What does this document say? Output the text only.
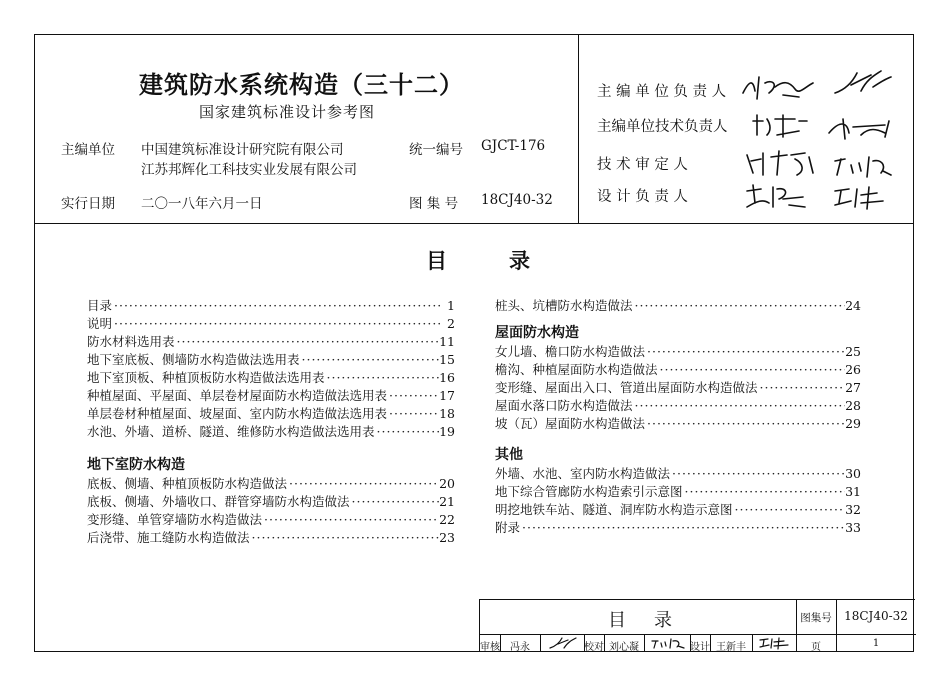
建筑防水系统构造（三十二）
国家建筑标准设计参考图
主编单位 中国建筑标准设计研究院有限公司
江苏邦辉化工科技实业发展有限公司
统一编号 GJCT-176
实行日期 二〇一八年六月一日	图 集 号 18CJ40-32
主 编 单 位 负 责 人
主编单位技术负责人
技 术 审 定 人
设 计 负 责 人
目	录
目录 ·····	1
说明 ·····	2
防水材料选用表 ·····	11
地下室底板、侧墙防水构造做法选用表 ·····	15
地下室顶板、种植顶板防水构造做法选用表 ·····	16
种植屋面、平屋面、单层卷材屋面防水构造做法选用表 ·····	17
单层卷材种植屋面、坡屋面、室内防水构造做法选用表 ·····	18
水池、外墙、道桥、隧道、维修防水构造做法选用表 ·····	19
地下室防水构造
底板、侧墙、种植顶板防水构造做法 ·····	20
底板、侧墙、外墙收口、群管穿墙防水构造做法 ·····	21
变形缝、单管穿墙防水构造做法 ·····	22
后浇带、施工缝防水构造做法 ·····	23
桩头、坑槽防水构造做法 ·····	24
屋面防水构造
女儿墙、檐口防水构造做法 ·····	25
檐沟、种植屋面防水构造做法 ·····	26
变形缝、屋面出入口、管道出屋面防水构造做法 ·····	27
屋面水落口防水构造做法 ·····	28
坡（瓦）屋面防水构造做法 ·····	29
其他
外墙、水池、室内防水构造做法 ·····	30
地下综合管廊防水构造索引示意图 ·····	31
明挖地铁车站、隧道、洞库防水构造示意图 ·····	32
附录 ·····	33
目 录	图集号	18CJ40-32
审核	冯永	校对 刘心凝	设计 王新丰	页	1
